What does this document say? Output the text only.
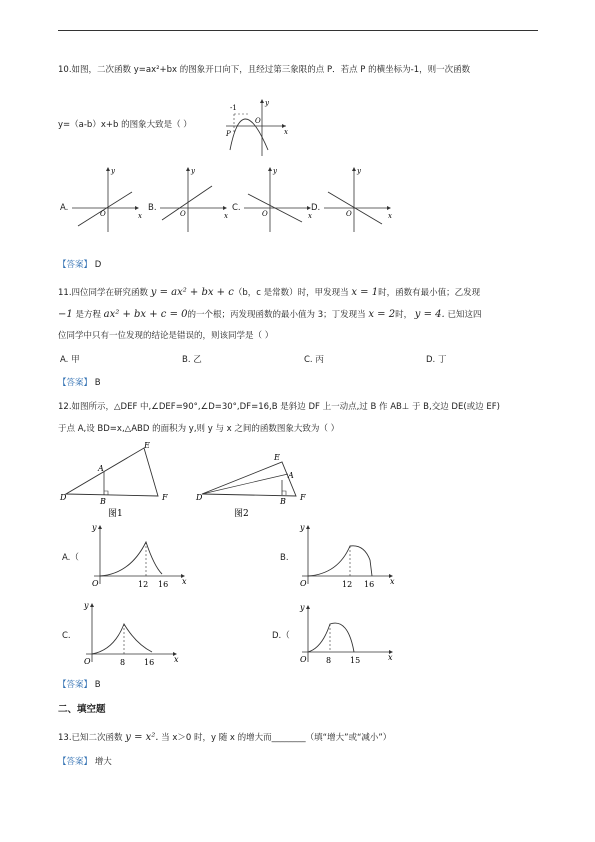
10.如图，二次函数 y=ax²+bx 的图象开口向下，且经过第三象限的点 P．若点 P 的横坐标为-1，则一次函数
y=（a-b）x+b 的图象大致是（ ）
-1
O
x
y
P
A.
O	x
y
B.
O	x
y
C.
O	x
y
D.
O	x
y
【答案】 D
11.四位同学在研究函数 y = ax² + bx + c（b，c 是常数）时，甲发现当 x = 1时，函数有最小值；乙发现
−1 是方程 ax² + bx + c = 0的一个根；丙发现函数的最小值为 3；丁发现当 x = 2时， y = 4. 已知这四
位同学中只有一位发现的结论是错误的，则该同学是（ ）
A. 甲	B. 乙	C. 丙	D. 丁
【答案】 B
12.如图所示，△DEF 中,∠DEF=90°,∠D=30°,DF=16,B 是斜边 DF 上一动点,过 B 作 AB⊥ 于 B,交边 DE(或边 EF)
于点 A,设 BD=x,△ABD 的面积为 y,则 y 与 x 之间的函数图象大致为（ ）
D
E
A
B	F
图1
D
E
A
B F
图2
A.（
O	x
y
12 16
B.
O	x
y
12 16
C.
O	x
y
8 16
D.（
O	x
y
8 15
【答案】 B
二、填空题
13.已知二次函数 y = x². 当 x＞0 时，y 随 x 的增大而________（填“增大”或“减小”）
【答案】 增大
